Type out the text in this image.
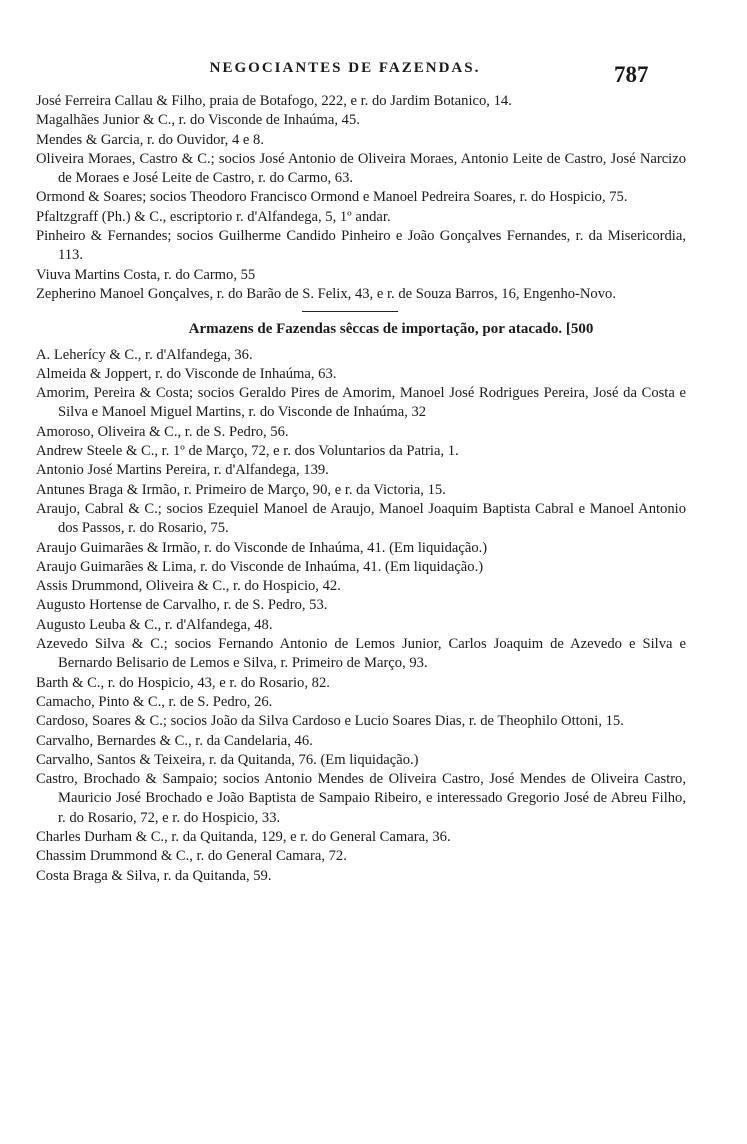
NEGOCIANTES DE FAZENDAS.	787

José Ferreira Callau & Filho, praia de Botafogo, 222, e r. do Jardim Botanico, 14.

Magalhães Junior & C., r. do Visconde de Inhaúma, 45.

Mendes & Garcia, r. do Ouvidor, 4 e 8.

Oliveira Moraes, Castro & C.; socios José Antonio de Oliveira Moraes, Antonio Leite de Castro, José Narcizo de Moraes e José Leite de Castro, r. do Carmo, 63.

Ormond & Soares; socios Theodoro Francisco Ormond e Manoel Pedreira Soares, r. do Hospicio, 75.

Pfaltzgraff (Ph.) & C., escriptorio r. d'Alfandega, 5, 1º andar.

Pinheiro & Fernandes; socios Guilherme Candido Pinheiro e João Gonçalves Fernandes, r. da Misericordia, 113.

Viuva Martins Costa, r. do Carmo, 55

Zepherino Manoel Gonçalves, r. do Barão de S. Felix, 43, e r. de Souza Barros, 16, Engenho-Novo.

Armazens de Fazendas sêccas de importação, por atacado. [500

A. Leherícy & C., r. d'Alfandega, 36.

Almeida & Joppert, r. do Visconde de Inhaúma, 63.

Amorim, Pereira & Costa; socios Geraldo Pires de Amorim, Manoel José Rodrigues Pereira, José da Costa e Silva e Manoel Miguel Martins, r. do Visconde de Inhaúma, 32

Amoroso, Oliveira & C., r. de S. Pedro, 56.

Andrew Steele & C., r. 1º de Março, 72, e r. dos Voluntarios da Patria, 1.

Antonio José Martins Pereira, r. d'Alfandega, 139.

Antunes Braga & Irmão, r. Primeiro de Março, 90, e r. da Victoria, 15.

Araujo, Cabral & C.; socios Ezequiel Manoel de Araujo, Manoel Joaquim Baptista Cabral e Manoel Antonio dos Passos, r. do Rosario, 75.

Araujo Guimarães & Irmão, r. do Visconde de Inhaúma, 41. (Em liquidação.)

Araujo Guimarães & Lima, r. do Visconde de Inhaúma, 41. (Em liquidação.)

Assis Drummond, Oliveira & C., r. do Hospicio, 42.

Augusto Hortense de Carvalho, r. de S. Pedro, 53.

Augusto Leuba & C., r. d'Alfandega, 48.

Azevedo Silva & C.; socios Fernando Antonio de Lemos Junior, Carlos Joaquim de Azevedo e Silva e Bernardo Belisario de Lemos e Silva, r. Primeiro de Março, 93.

Barth & C., r. do Hospicio, 43, e r. do Rosario, 82.

Camacho, Pinto & C., r. de S. Pedro, 26.

Cardoso, Soares & C.; socios João da Silva Cardoso e Lucio Soares Dias, r. de Theophilo Ottoni, 15.

Carvalho, Bernardes & C., r. da Candelaria, 46.

Carvalho, Santos & Teixeira, r. da Quitanda, 76. (Em liquidação.)

Castro, Brochado & Sampaio; socios Antonio Mendes de Oliveira Castro, José Mendes de Oliveira Castro, Mauricio José Brochado e João Baptista de Sampaio Ribeiro, e interessado Gregorio José de Abreu Filho, r. do Rosario, 72, e r. do Hospicio, 33.

Charles Durham & C., r. da Quitanda, 129, e r. do General Camara, 36.

Chassim Drummond & C., r. do General Camara, 72.

Costa Braga & Silva, r. da Quitanda, 59.
